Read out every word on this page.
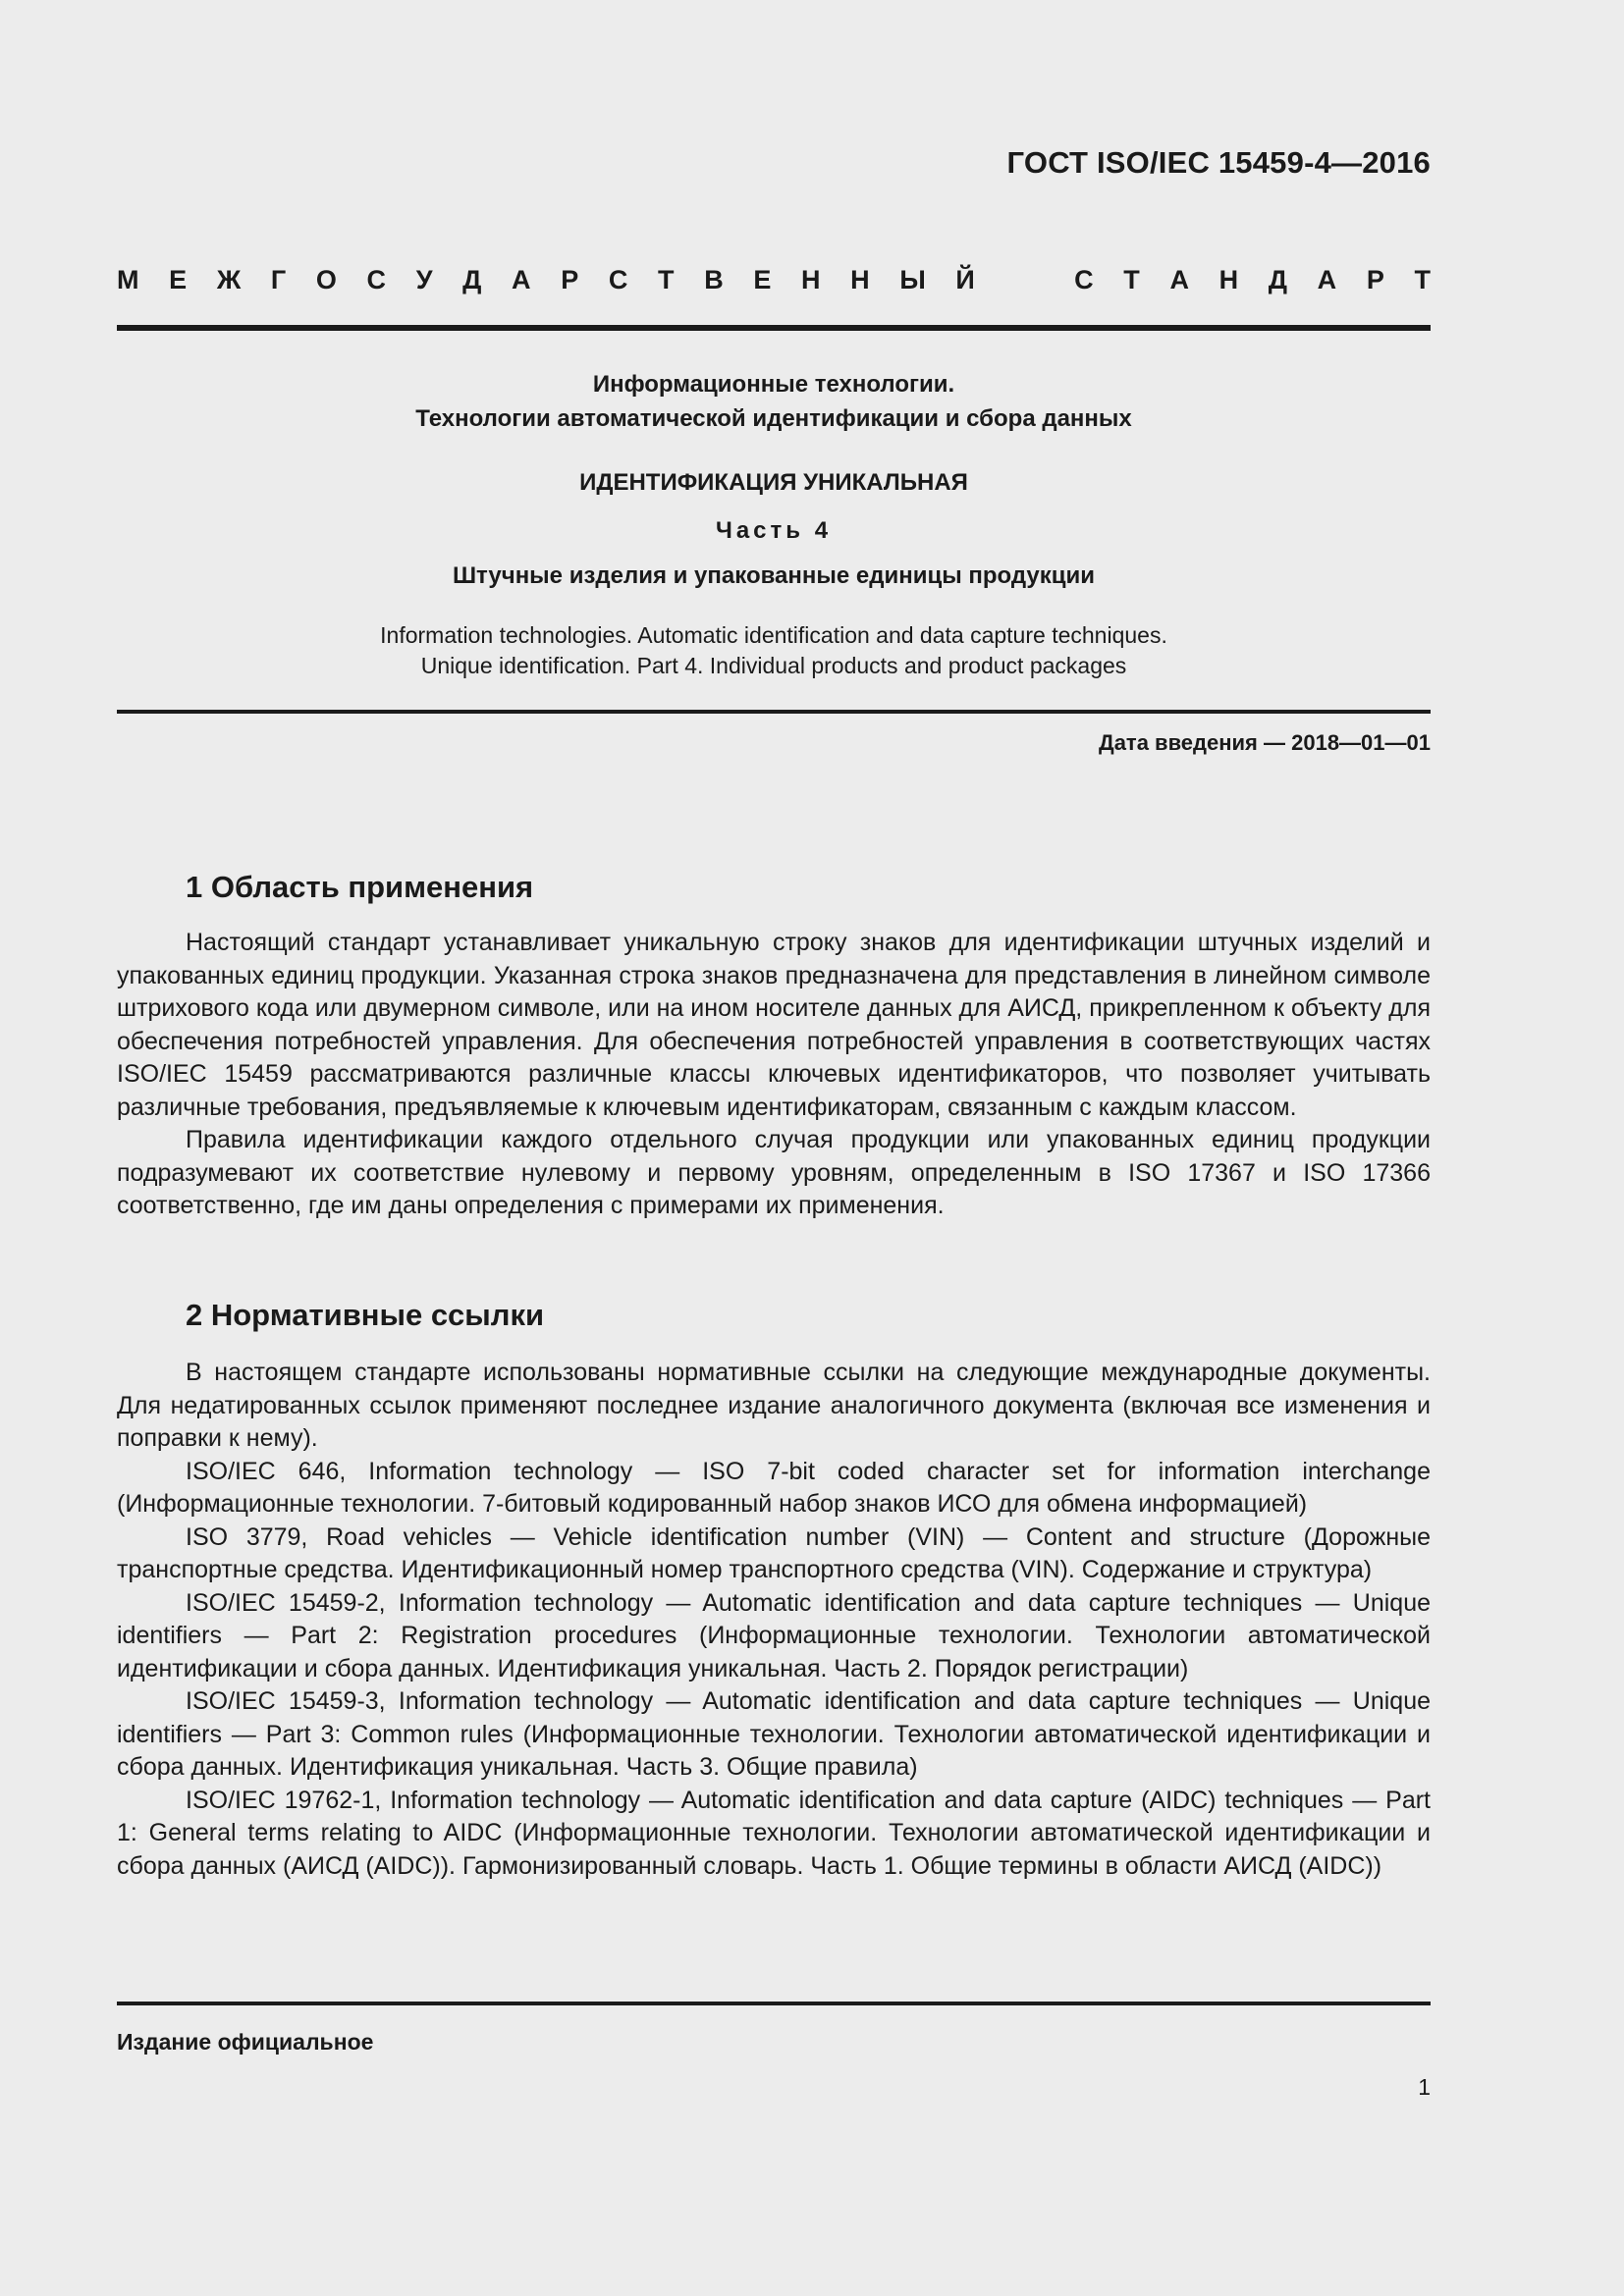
ГОСТ ISO/IEC 15459-4—2016
М Е Ж Г О С У Д А Р С Т В Е Н Н Ы Й	С Т А Н Д А Р Т
Информационные технологии.
Технологии автоматической идентификации и сбора данных
ИДЕНТИФИКАЦИЯ УНИКАЛЬНАЯ
Часть 4
Штучные изделия и упакованные единицы продукции
Information technologies. Automatic identification and data capture techniques.
Unique identification. Part 4. Individual products and product packages
Дата введения — 2018—01—01
1 Область применения

Настоящий стандарт устанавливает уникальную строку знаков для идентификации штучных изделий и упакованных единиц продукции. Указанная строка знаков предназначена для представления в линейном символе штрихового кода или двумерном символе, или на ином носителе данных для АИСД, прикрепленном к объекту для обеспечения потребностей управления. Для обеспечения потребностей управления в соответствующих частях ISO/IEC 15459 рассматриваются различные классы ключевых идентификаторов, что позволяет учитывать различные требования, предъявляемые к ключевым идентификаторам, связанным с каждым классом.

Правила идентификации каждого отдельного случая продукции или упакованных единиц продукции подразумевают их соответствие нулевому и первому уровням, определенным в ISO 17367 и ISO 17366 соответственно, где им даны определения с примерами их применения.

2 Нормативные ссылки

В настоящем стандарте использованы нормативные ссылки на следующие международные документы. Для недатированных ссылок применяют последнее издание аналогичного документа (включая все изменения и поправки к нему).

ISO/IEC 646, Information technology — ISO 7-bit coded character set for information interchange (Информационные технологии. 7-битовый кодированный набор знаков ИСО для обмена информацией)

ISO 3779, Road vehicles — Vehicle identification number (VIN) — Content and structure (Дорожные транспортные средства. Идентификационный номер транспортного средства (VIN). Содержание и структура)

ISO/IEC 15459-2, Information technology — Automatic identification and data capture techniques — Unique identifiers — Part 2: Registration procedures (Информационные технологии. Технологии автоматической идентификации и сбора данных. Идентификация уникальная. Часть 2. Порядок регистрации)

ISO/IEC 15459-3, Information technology — Automatic identification and data capture techniques — Unique identifiers — Part 3: Common rules (Информационные технологии. Технологии автоматической идентификации и сбора данных. Идентификация уникальная. Часть 3. Общие правила)

ISO/IEC 19762-1, Information technology — Automatic identification and data capture (AIDC) techniques — Part 1: General terms relating to AIDC (Информационные технологии. Технологии автоматической идентификации и сбора данных (АИСД (AIDC)). Гармонизированный словарь. Часть 1. Общие термины в области АИСД (AIDC))

Издание официальное
1
